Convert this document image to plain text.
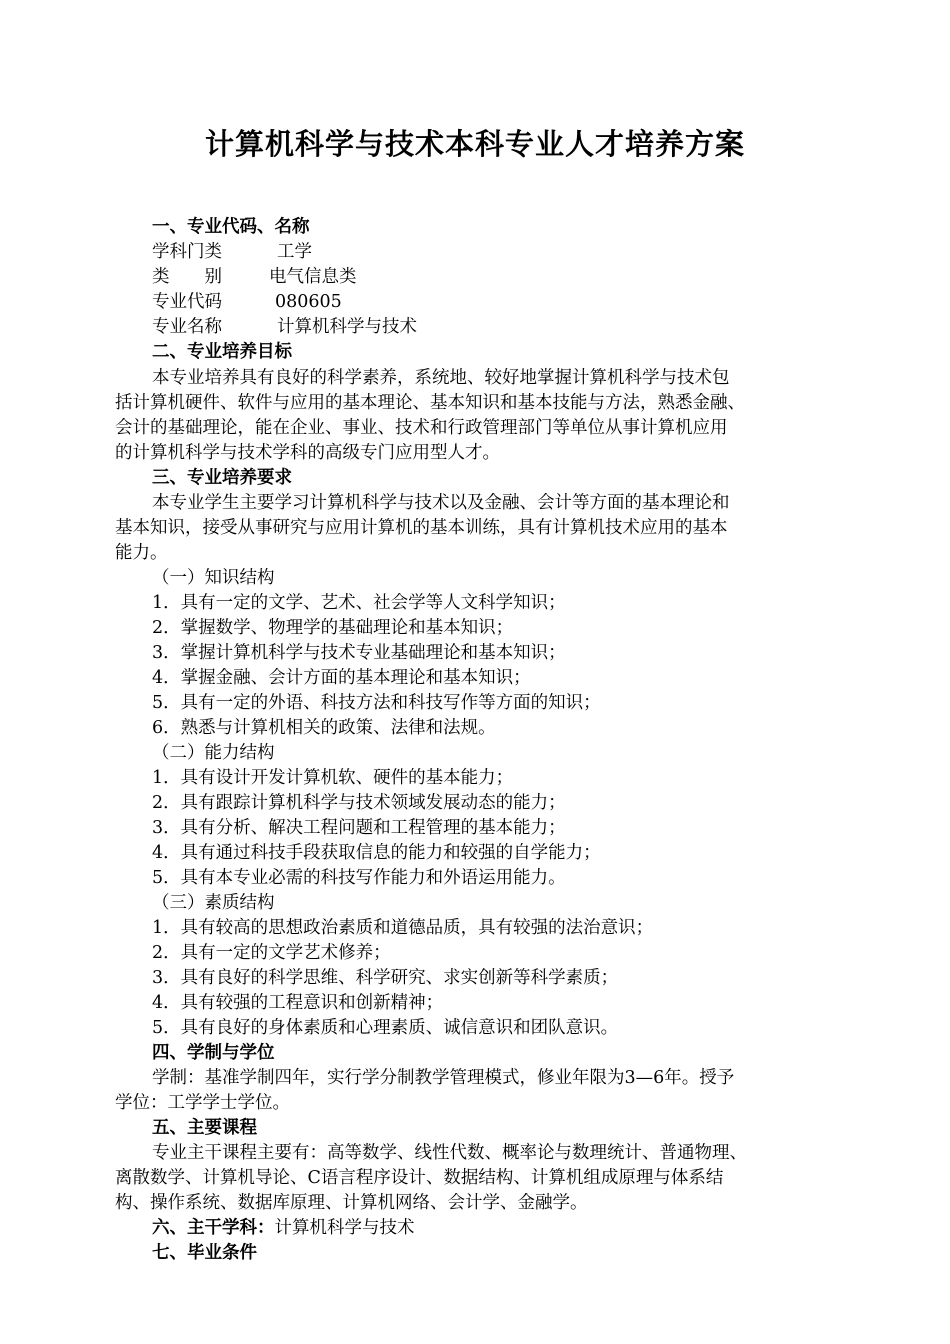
计算机科学与技术本科专业人才培养方案
一、专业代码、名称
学科门类	工学
类　　别	电气信息类
专业代码	080605
专业名称	计算机科学与技术
二、专业培养目标
本专业培养具有良好的科学素养，系统地、较好地掌握计算机科学与技术包
括计算机硬件、软件与应用的基本理论、基本知识和基本技能与方法，熟悉金融、
会计的基础理论，能在企业、事业、技术和行政管理部门等单位从事计算机应用
的计算机科学与技术学科的高级专门应用型人才。
三、专业培养要求
本专业学生主要学习计算机科学与技术以及金融、会计等方面的基本理论和
基本知识，接受从事研究与应用计算机的基本训练，具有计算机技术应用的基本
能力。
（一）知识结构
1．具有一定的文学、艺术、社会学等人文科学知识；
2．掌握数学、物理学的基础理论和基本知识；
3．掌握计算机科学与技术专业基础理论和基本知识；
4．掌握金融、会计方面的基本理论和基本知识；
5．具有一定的外语、科技方法和科技写作等方面的知识；
6．熟悉与计算机相关的政策、法律和法规。
（二）能力结构
1．具有设计开发计算机软、硬件的基本能力；
2．具有跟踪计算机科学与技术领域发展动态的能力；
3．具有分析、解决工程问题和工程管理的基本能力；
4．具有通过科技手段获取信息的能力和较强的自学能力；
5．具有本专业必需的科技写作能力和外语运用能力。
（三）素质结构
1．具有较高的思想政治素质和道德品质，具有较强的法治意识；
2．具有一定的文学艺术修养；
3．具有良好的科学思维、科学研究、求实创新等科学素质；
4．具有较强的工程意识和创新精神；
5．具有良好的身体素质和心理素质、诚信意识和团队意识。
四、学制与学位
学制：基准学制四年，实行学分制教学管理模式，修业年限为3—6年。授予
学位：工学学士学位。
五、主要课程
专业主干课程主要有：高等数学、线性代数、概率论与数理统计、普通物理、
离散数学、计算机导论、C语言程序设计、数据结构、计算机组成原理与体系结
构、操作系统、数据库原理、计算机网络、会计学、金融学。
六、主干学科：计算机科学与技术
七、毕业条件
